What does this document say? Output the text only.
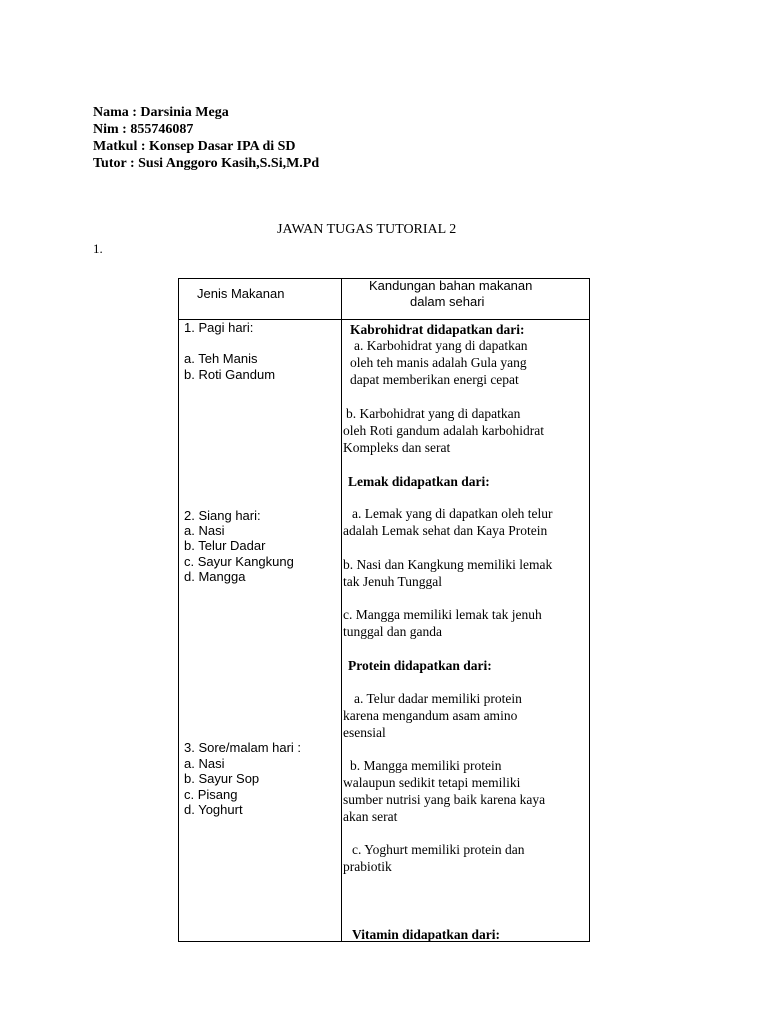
Nama : Darsinia Mega
Nim : 855746087
Matkul : Konsep Dasar IPA di SD
Tutor : Susi Anggoro Kasih,S.Si,M.Pd
JAWAN TUGAS TUTORIAL 2
1.
Jenis Makanan
Kandungan bahan makanan
dalam sehari
1. Pagi hari:
a. Teh Manis
b. Roti Gandum
2. Siang hari:
a. Nasi
b. Telur Dadar
c. Sayur Kangkung
d. Mangga
3. Sore/malam hari :
a. Nasi
b. Sayur Sop
c. Pisang
d. Yoghurt
Kabrohidrat didapatkan dari:
a. Karbohidrat yang di dapatkan
oleh teh manis adalah Gula yang
dapat memberikan energi cepat
b. Karbohidrat yang di dapatkan
oleh Roti gandum adalah karbohidrat
Kompleks dan serat
Lemak didapatkan dari:
a. Lemak yang di dapatkan oleh telur
adalah Lemak sehat dan Kaya Protein
b. Nasi dan Kangkung memiliki lemak
tak Jenuh Tunggal
c. Mangga memiliki lemak tak jenuh
tunggal dan ganda
Protein didapatkan dari:
a. Telur dadar memiliki protein
karena mengandum asam amino
esensial
b. Mangga memiliki protein
walaupun sedikit tetapi memiliki
sumber nutrisi yang baik karena kaya
akan serat
c. Yoghurt memiliki protein dan
prabiotik
Vitamin didapatkan dari:
